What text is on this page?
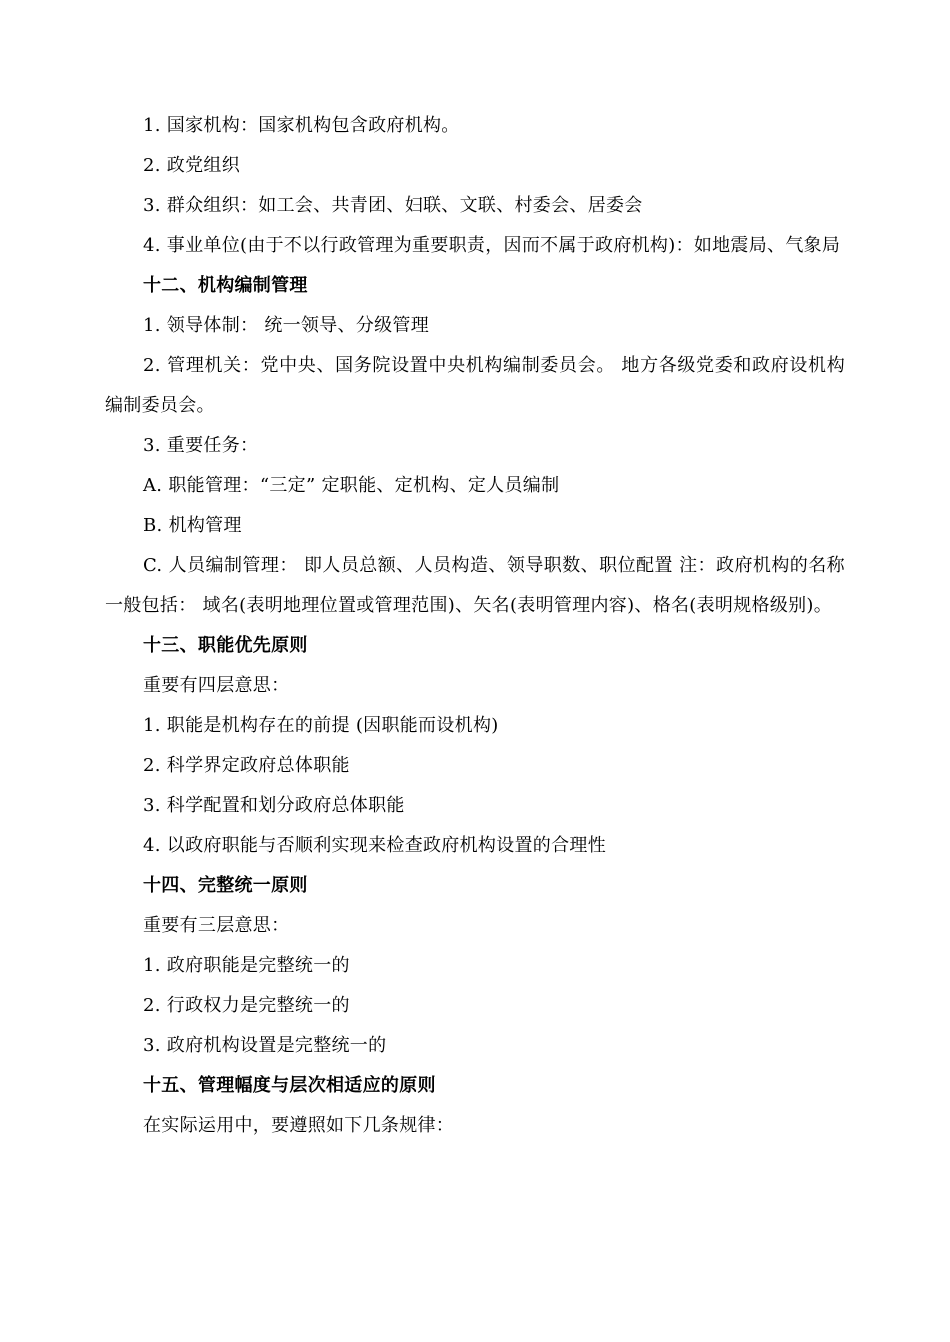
1. 国家机构：国家机构包含政府机构。

2. 政党组织

3. 群众组织：如工会、共青团、妇联、文联、村委会、居委会

4. 事业单位(由于不以行政管理为重要职责，因而不属于政府机构)：如地震局、气象局

十二、机构编制管理

1. 领导体制： 统一领导、分级管理

2. 管理机关：党中央、国务院设置中央机构编制委员会。 地方各级党委和政府设机构编制委员会。

3. 重要任务：

A. 职能管理：“三定” 定职能、定机构、定人员编制

B. 机构管理

C. 人员编制管理： 即人员总额、人员构造、领导职数、职位配置 注：政府机构的名称一般包括： 域名(表明地理位置或管理范围)、矢名(表明管理内容)、格名(表明规格级别)。

十三、职能优先原则

重要有四层意思：

1. 职能是机构存在的前提 (因职能而设机构)

2. 科学界定政府总体职能

3. 科学配置和划分政府总体职能

4. 以政府职能与否顺利实现来检查政府机构设置的合理性

十四、完整统一原则

重要有三层意思：

1. 政府职能是完整统一的

2. 行政权力是完整统一的

3. 政府机构设置是完整统一的

十五、管理幅度与层次相适应的原则

在实际运用中，要遵照如下几条规律：
